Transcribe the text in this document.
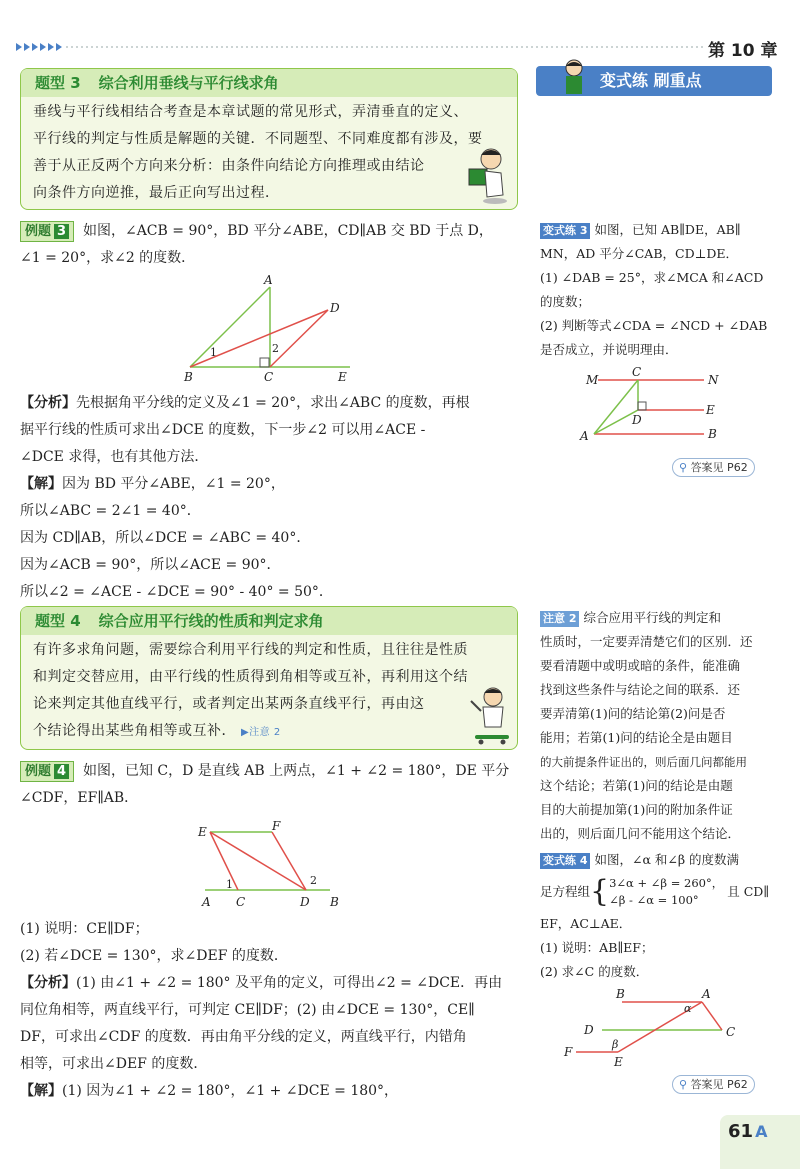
第 10 章
题型 3 综合利用垂线与平行线求角
垂线与平行线相结合考查是本章试题的常见形式，弄清垂直的定义、
平行线的判定与性质是解题的关键．不同题型、不同难度都有涉及，要
善于从正反两个方向来分析：由条件向结论方向推理或由结论
向条件方向逆推，最后正向写出过程．
例题 3 如图，∠ACB = 90°，BD 平分∠ABE，CD∥AB 交 BD 于点 D，
∠1 = 20°，求∠2 的度数．
A
D
B	C	E
1	2
【分析】先根据角平分线的定义及∠1 = 20°，求出∠ABC 的度数，再根
据平行线的性质可求出∠DCE 的度数，下一步∠2 可以用∠ACE -
∠DCE 求得，也有其他方法．
【解】因为 BD 平分∠ABE，∠1 = 20°，
所以∠ABC = 2∠1 = 40°．
因为 CD∥AB，所以∠DCE = ∠ABC = 40°．
因为∠ACB = 90°，所以∠ACE = 90°．
所以∠2 = ∠ACE - ∠DCE = 90° - 40° = 50°．
题型 4 综合应用平行线的性质和判定求角
有许多求角问题，需要综合利用平行线的判定和性质，且往往是性质
和判定交替应用，由平行线的性质得到角相等或互补，再利用这个结
论来判定其他直线平行，或者判定出某两条直线平行，再由这
个结论得出某些角相等或互补． ▶注意 2
例题 4 如图，已知 C，D 是直线 AB 上两点，∠1 + ∠2 = 180°，DE 平分
∠CDF，EF∥AB．
E	F
A C	D B
1	2
(1) 说明：CE∥DF；
(2) 若∠DCE = 130°，求∠DEF 的度数．
【分析】(1) 由∠1 + ∠2 = 180° 及平角的定义，可得出∠2 = ∠DCE．再由
同位角相等，两直线平行，可判定 CE∥DF；(2) 由∠DCE = 130°，CE∥
DF，可求出∠CDF 的度数．再由角平分线的定义，两直线平行，内错角
相等，可求出∠DEF 的度数．
【解】(1) 因为∠1 + ∠2 = 180°，∠1 + ∠DCE = 180°，
变式练 刷重点
变式练 3 如图，已知 AB∥DE，AB∥
MN，AD 平分∠CAB，CD⊥DE．
(1) ∠DAB = 25°，求∠MCA 和∠ACD
的度数；
(2) 判断等式∠CDA = ∠NCD + ∠DAB
是否成立，并说明理由．
M
C
N
D
E
A	B
⚲ 答案见 P62
注意 2 综合应用平行线的判定和
性质时，一定要弄清楚它们的区别．还
要看清题中或明或暗的条件，能准确
找到这些条件与结论之间的联系．还
要弄清第(1)问的结论第(2)问是否
能用；若第(1)问的结论全是由题目
的大前提条件证出的，则后面几问都能用
这个结论；若第(1)问的结论是由题
目的大前提加第(1)问的附加条件证
出的，则后面几问不能用这个结论．
变式练 4 如图，∠α 和∠β 的度数满
足方程组 { 3∠α + ∠β = 260°，
∠β - ∠α = 100°
且 CD∥
EF，AC⊥AE．
(1) 说明：AB∥EF；
(2) 求∠C 的度数．
B	A
α
D	C
β
F
E
⚲ 答案见 P62
61 A
